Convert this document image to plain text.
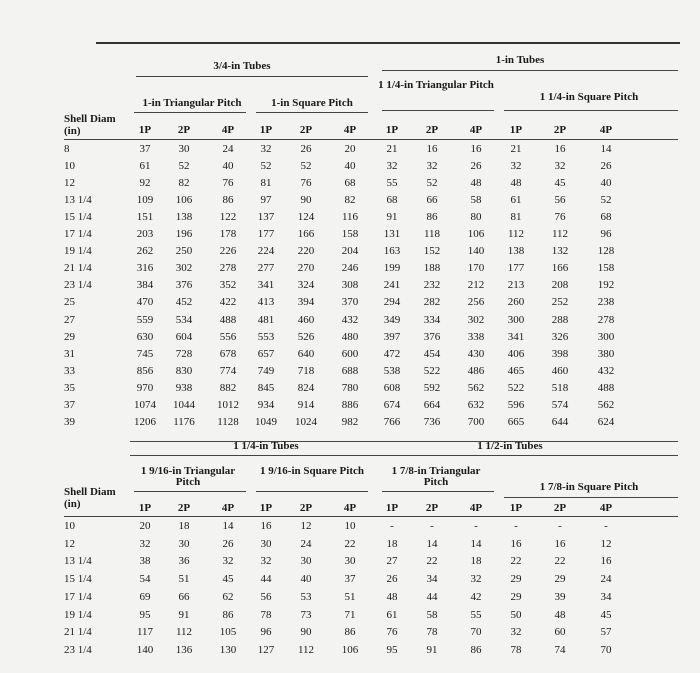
3/4-in Tubes	1-in Tubes
1-in Triangular Pitch	1-in Square Pitch
1 1/4-in Triangular Pitch
1 1/4-in Square Pitch
Shell Diam (in)	1P	2P	4P	1P	2P	4P	1P	2P	4P	1P	2P	4P
8	37	30	24	32	26	20	21	16	16	21	16	14
10	61	52	40	52	52	40	32	32	26	32	32	26
12	92	82	76	81	76	68	55	52	48	48	45	40
13 1/4	109	106	86	97	90	82	68	66	58	61	56	52
15 1/4	151	138	122	137	124	116	91	86	80	81	76	68
17 1/4	203	196	178	177	166	158	131	118	106	112	112	96
19 1/4	262	250	226	224	220	204	163	152	140	138	132	128
21 1/4	316	302	278	277	270	246	199	188	170	177	166	158
23 1/4	384	376	352	341	324	308	241	232	212	213	208	192
25	470	452	422	413	394	370	294	282	256	260	252	238
27	559	534	488	481	460	432	349	334	302	300	288	278
29	630	604	556	553	526	480	397	376	338	341	326	300
31	745	728	678	657	640	600	472	454	430	406	398	380
33	856	830	774	749	718	688	538	522	486	465	460	432
35	970	938	882	845	824	780	608	592	562	522	518	488
37	1074	1044	1012	934	914	886	674	664	632	596	574	562
39	1206	1176	1128	1049	1024	982	766	736	700	665	644	624
1 1/4-in Tubes	1 1/2-in Tubes
1 9/16-in Triangular Pitch
1 9/16-in Square Pitch	1 7/8-in Triangular Pitch	1 7/8-in Square Pitch
Shell Diam (in)	1P	2P	4P	1P	2P	4P	1P	2P	4P	1P	2P	4P
10	20	18	14	16	12	10	-	-	-	-	-	-
12	32	30	26	30	24	22	18	14	14	16	16	12
13 1/4	38	36	32	32	30	30	27	22	18	22	22	16
15 1/4	54	51	45	44	40	37	26	34	32	29	29	24
17 1/4	69	66	62	56	53	51	48	44	42	29	39	34
19 1/4	95	91	86	78	73	71	61	58	55	50	48	45
21 1/4	117	112	105	96	90	86	76	78	70	32	60	57
23 1/4	140	136	130	127	112	106	95	91	86	78	74	70
